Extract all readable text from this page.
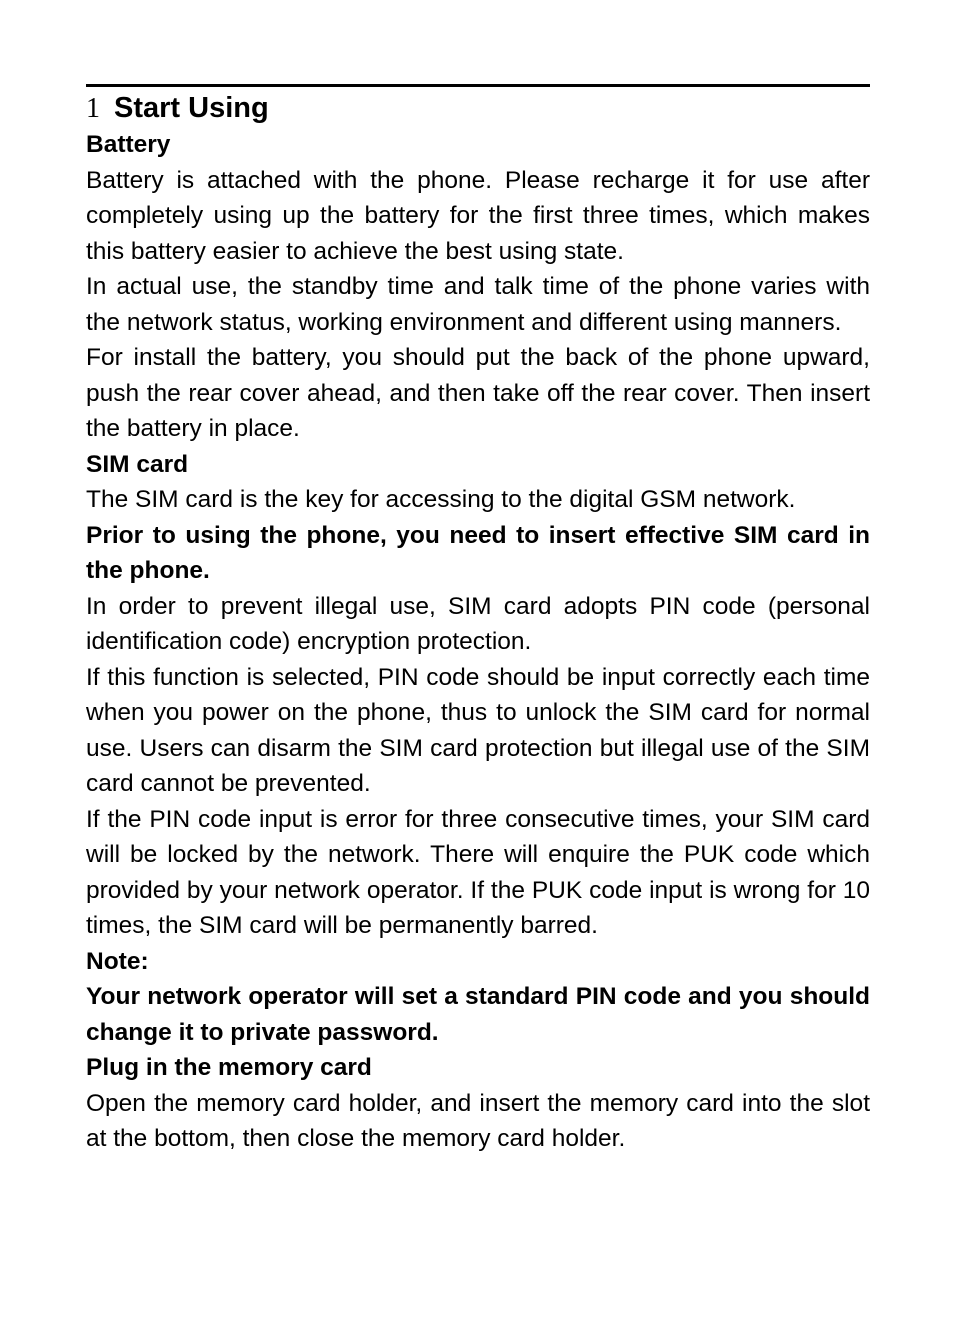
1 Start Using
Battery

Battery is attached with the phone. Please recharge it for use after completely using up the battery for the first three times, which makes this battery easier to achieve the best using state.

In actual use, the standby time and talk time of the phone varies with the network status, working environment and different using manners.

For install the battery, you should put the back of the phone upward, push the rear cover ahead, and then take off the rear cover. Then insert the battery in place.

SIM card

The SIM card is the key for accessing to the digital GSM network.

Prior to using the phone, you need to insert effective SIM card in the phone.

In order to prevent illegal use, SIM card adopts PIN code (personal identification code) encryption protection.

If this function is selected, PIN code should be input correctly each time when you power on the phone, thus to unlock the SIM card for normal use. Users can disarm the SIM card protection but illegal use of the SIM card cannot be prevented.

If the PIN code input is error for three consecutive times, your SIM card will be locked by the network. There will enquire the PUK code which provided by your network operator. If the PUK code input is wrong for 10 times, the SIM card will be permanently barred.

Note:

Your network operator will set a standard PIN code and you should change it to private password.

Plug in the memory card

Open the memory card holder, and insert the memory card into the slot at the bottom, then close the memory card holder.
